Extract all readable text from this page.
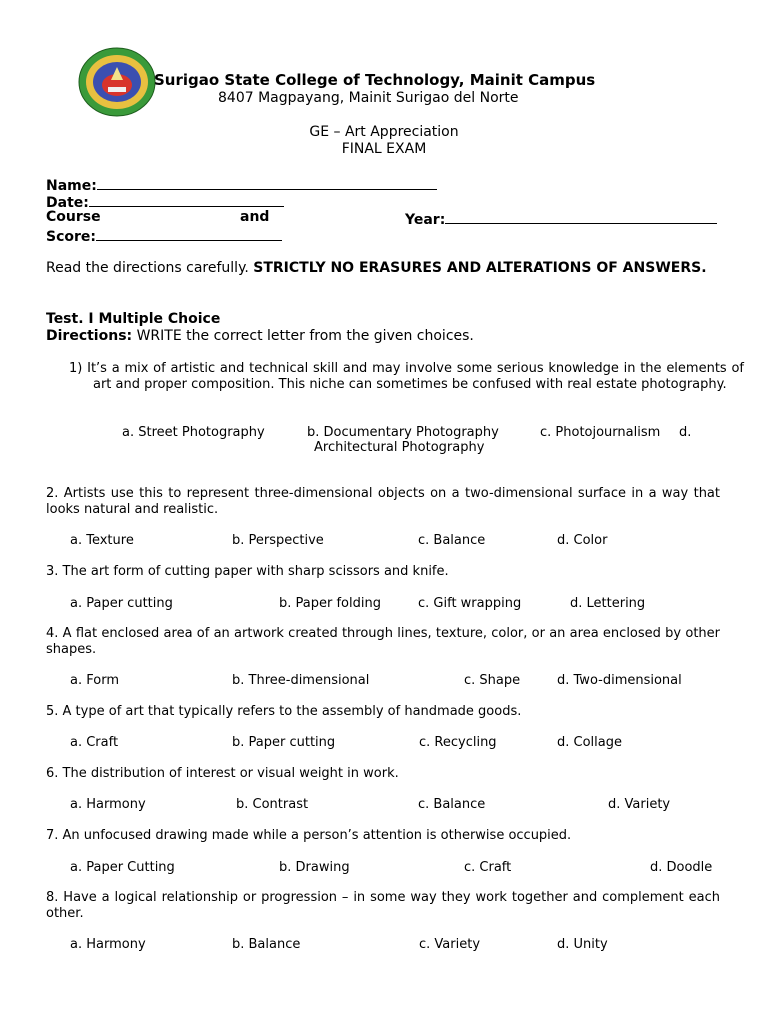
Surigao State College of Technology, Mainit Campus
8407 Magpayang, Mainit Surigao del Norte
GE – Art Appreciation
FINAL EXAM
Name:
Date:
Course	and	Year:
Score:
Read the directions carefully. STRICTLY NO ERASURES AND ALTERATIONS OF ANSWERS.
Test. I Multiple Choice
Directions: WRITE the correct letter from the given choices.
1) It’s a mix of artistic and technical skill and may involve some serious knowledge in the elements of art and proper composition. This niche can sometimes be confused with real estate photography.
a. Street Photography	b. Documentary Photography	c. Photojournalism d.
Architectural Photography
2. Artists use this to represent three-dimensional objects on a two-dimensional surface in a way that looks natural and realistic.
a. Texture	b. Perspective	c. Balance	d. Color
3. The art form of cutting paper with sharp scissors and knife.
a. Paper cutting	b. Paper folding	c. Gift wrapping	d. Lettering
4. A flat enclosed area of an artwork created through lines, texture, color, or an area enclosed by other shapes.
a. Form	b. Three-dimensional	c. Shape	d. Two-dimensional
5. A type of art that typically refers to the assembly of handmade goods.
a. Craft	b. Paper cutting	c. Recycling	d. Collage
6. The distribution of interest or visual weight in work.
a. Harmony	b. Contrast	c. Balance	d. Variety
7. An unfocused drawing made while a person’s attention is otherwise occupied.
a. Paper Cutting	b. Drawing	c. Craft	d. Doodle
8. Have a logical relationship or progression – in some way they work together and complement each other.
a. Harmony	b. Balance	c. Variety	d. Unity
